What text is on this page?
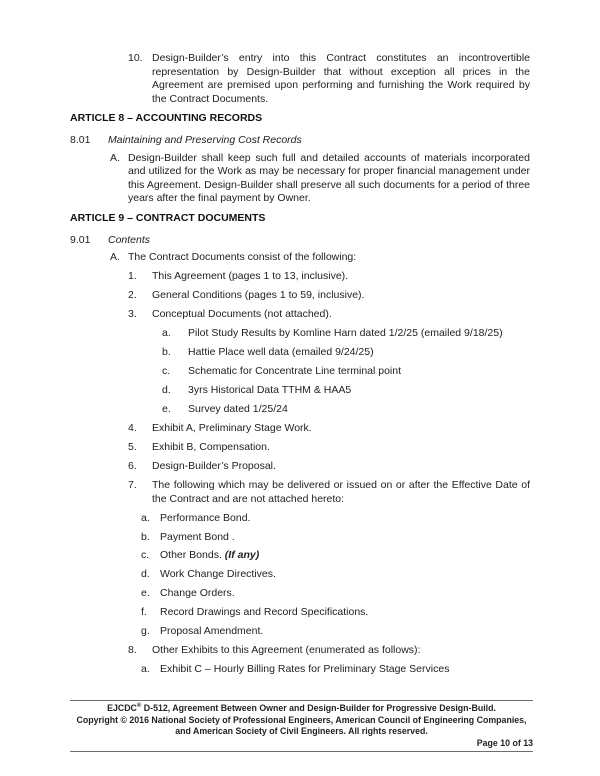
10. Design-Builder’s entry into this Contract constitutes an incontrovertible representation by Design-Builder that without exception all prices in the Agreement are premised upon performing and furnishing the Work required by the Contract Documents.
ARTICLE 8 – ACCOUNTING RECORDS
8.01	Maintaining and Preserving Cost Records
A. Design-Builder shall keep such full and detailed accounts of materials incorporated and utilized for the Work as may be necessary for proper financial management under this Agreement. Design-Builder shall preserve all such documents for a period of three years after the final payment by Owner.
ARTICLE 9 – CONTRACT DOCUMENTS
9.01	Contents
A. The Contract Documents consist of the following:
1.	This Agreement (pages 1 to 13, inclusive).
2.	General Conditions (pages 1 to 59, inclusive).
3.	Conceptual Documents (not attached).
a.	Pilot Study Results by Komline Harn dated 1/2/25 (emailed 9/18/25)
b.	Hattie Place well data (emailed 9/24/25)
c.	Schematic for Concentrate Line terminal point
d.	3yrs Historical Data TTHM & HAA5
e.	Survey dated 1/25/24
4.	Exhibit A, Preliminary Stage Work.
5.	Exhibit B, Compensation.
6.	Design-Builder’s Proposal.
7.	The following which may be delivered or issued on or after the Effective Date of the Contract and are not attached hereto:
a. Performance Bond.
b. Payment Bond .
c.	Other Bonds. (If any)
d. Work Change Directives.
e. Change Orders.
f.	Record Drawings and Record Specifications.
g. Proposal Amendment.
8.	Other Exhibits to this Agreement (enumerated as follows):
a. Exhibit C – Hourly Billing Rates for Preliminary Stage Services
EJCDC® D-512, Agreement Between Owner and Design-Builder for Progressive Design-Build.
Copyright © 2016 National Society of Professional Engineers, American Council of Engineering Companies,
and American Society of Civil Engineers. All rights reserved.
Page 10 of 13
